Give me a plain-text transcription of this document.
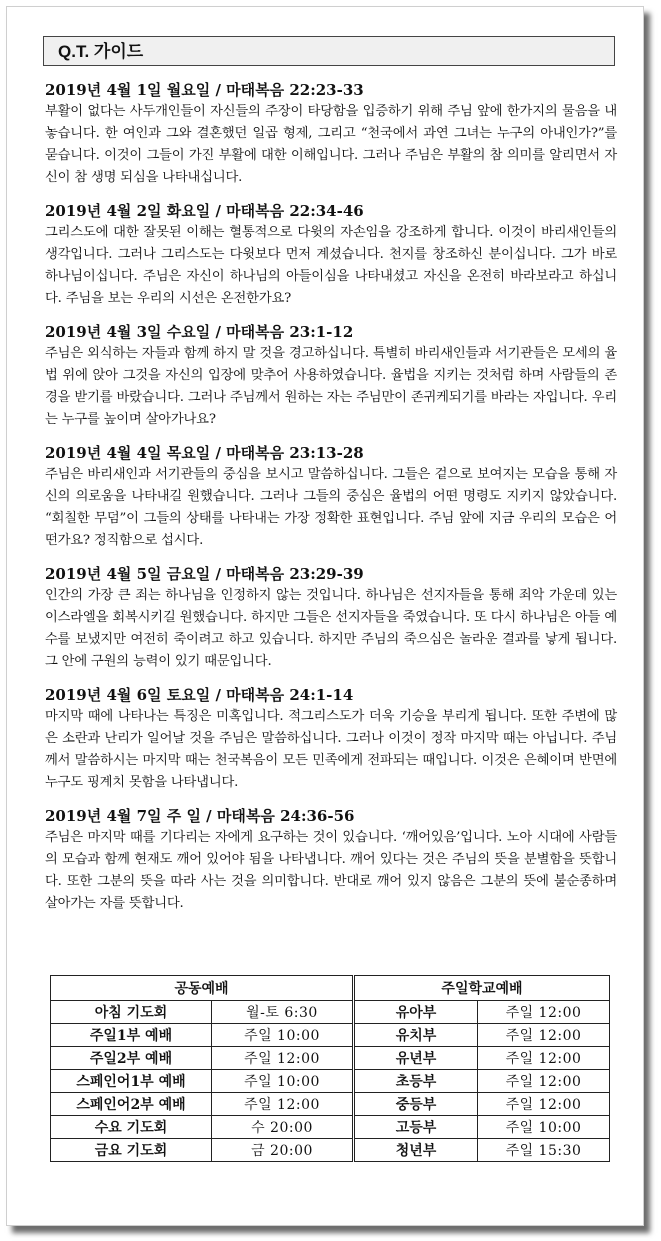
Q.T. 가이드
2019년 4월 1일 월요일 / 마태복음 22:23-33
부활이 없다는 사두개인들이 자신들의 주장이 타당함을 입증하기 위해 주님 앞에 한가지의 물음을 내놓습니다. 한 여인과 그와 결혼했던 일곱 형제, 그리고 “천국에서 과연 그녀는 누구의 아내인가?”를 묻습니다. 이것이 그들이 가진 부활에 대한 이해입니다. 그러나 주님은 부활의 참 의미를 알리면서 자신이 참 생명 되심을 나타내십니다.
2019년 4월 2일 화요일 / 마태복음 22:34-46
그리스도에 대한 잘못된 이해는 혈통적으로 다윗의 자손임을 강조하게 합니다. 이것이 바리새인들의 생각입니다. 그러나 그리스도는 다윗보다 먼저 계셨습니다. 천지를 창조하신 분이십니다. 그가 바로 하나님이십니다. 주님은 자신이 하나님의 아들이심을 나타내셨고 자신을 온전히 바라보라고 하십니다. 주님을 보는 우리의 시선은 온전한가요?
2019년 4월 3일 수요일 / 마태복음 23:1-12
주님은 외식하는 자들과 함께 하지 말 것을 경고하십니다. 특별히 바리새인들과 서기관들은 모세의 율법 위에 앉아 그것을 자신의 입장에 맞추어 사용하였습니다. 율법을 지키는 것처럼 하며 사람들의 존경을 받기를 바랐습니다. 그러나 주님께서 원하는 자는 주님만이 존귀케되기를 바라는 자입니다. 우리는 누구를 높이며 살아가나요?
2019년 4월 4일 목요일 / 마태복음 23:13-28
주님은 바리새인과 서기관들의 중심을 보시고 말씀하십니다. 그들은 겉으로 보여지는 모습을 통해 자신의 의로움을 나타내길 원했습니다. 그러나 그들의 중심은 율법의 어떤 명령도 지키지 않았습니다. “회칠한 무덤”이 그들의 상태를 나타내는 가장 정확한 표현입니다. 주님 앞에 지금 우리의 모습은 어떤가요? 정직함으로 섭시다.
2019년 4월 5일 금요일 / 마태복음 23:29-39
인간의 가장 큰 죄는 하나님을 인정하지 않는 것입니다. 하나님은 선지자들을 통해 죄악 가운데 있는 이스라엘을 회복시키길 원했습니다. 하지만 그들은 선지자들을 죽였습니다. 또 다시 하나님은 아들 예수를 보냈지만 여전히 죽이려고 하고 있습니다. 하지만 주님의 죽으심은 놀라운 결과를 낳게 됩니다. 그 안에 구원의 능력이 있기 때문입니다.
2019년 4월 6일 토요일 / 마태복음 24:1-14
마지막 때에 나타나는 특징은 미혹입니다. 적그리스도가 더욱 기승을 부리게 됩니다. 또한 주변에 많은 소란과 난리가 일어날 것을 주님은 말씀하십니다. 그러나 이것이 정작 마지막 때는 아닙니다. 주님께서 말씀하시는 마지막 때는 천국복음이 모든 민족에게 전파되는 때입니다. 이것은 은혜이며 반면에 누구도 핑계치 못함을 나타냅니다.
2019년 4월 7일 주 일 / 마태복음 24:36-56
주님은 마지막 때를 기다리는 자에게 요구하는 것이 있습니다. ‘깨어있음’입니다. 노아 시대에 사람들의 모습과 함께 현재도 깨어 있어야 됨을 나타냅니다. 깨어 있다는 것은 주님의 뜻을 분별함을 뜻합니다. 또한 그분의 뜻을 따라 사는 것을 의미합니다. 반대로 깨어 있지 않음은 그분의 뜻에 불순종하며 살아가는 자를 뜻합니다.
공동예배		주일학교예배	
아침 기도회	월-토 6:30	유아부	주일 12:00
주일1부 예배	주일 10:00	유치부	주일 12:00
주일2부 예배	주일 12:00	유년부	주일 12:00
스페인어1부 예배	주일 10:00	초등부	주일 12:00
스페인어2부 예배	주일 12:00	중등부	주일 12:00
수요 기도회	수 20:00	고등부	주일 10:00
금요 기도회	금 20:00	청년부	주일 15:30
